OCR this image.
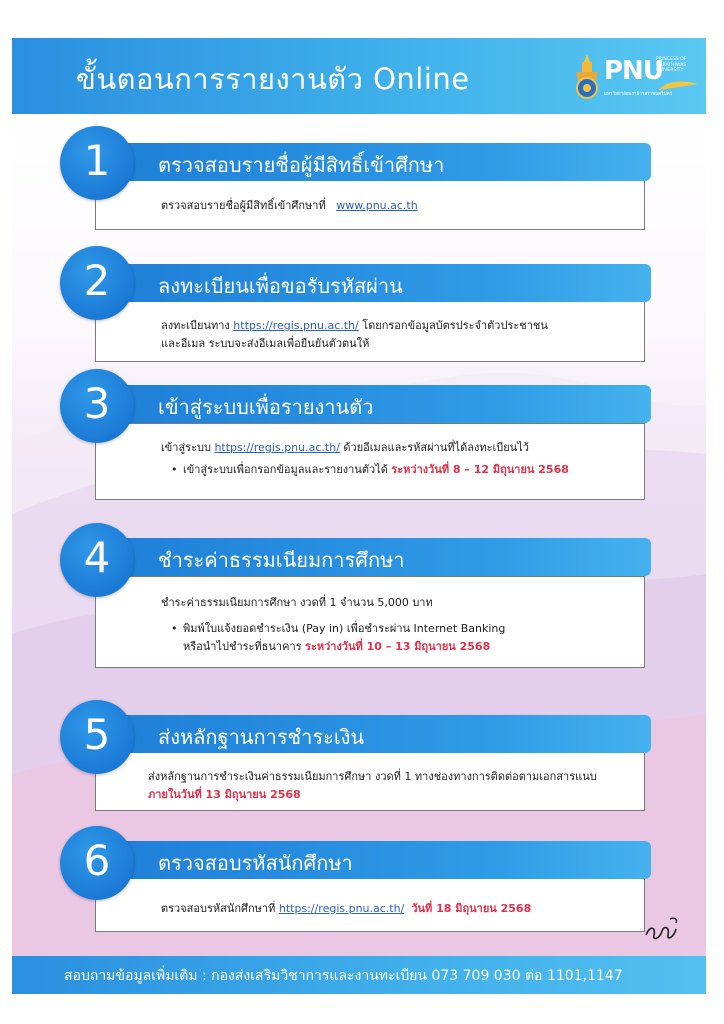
ขั้นตอนการรายงานตัว Online	PNU
PRINCESS OF
NARATHIWAS
UNIVERSITY
มหาวิทยาลัยนราธิวาสราชนครินทร์
ตรวจสอบรายชื่อผู้มีสิทธิ์เข้าศึกษาที่ www.pnu.ac.th
ตรวจสอบรายชื่อผู้มีสิทธิ์เข้าศึกษา
1
ลงทะเบียนทาง https://regis.pnu.ac.th/ โดยกรอกข้อมูลบัตรประจำตัวประชาชน
และอีเมล ระบบจะส่งอีเมลเพื่อยืนยันตัวตนให้
ลงทะเบียนเพื่อขอรับรหัสผ่าน
2
เข้าสู่ระบบ https://regis.pnu.ac.th/ ด้วยอีเมลและรหัสผ่านที่ได้ลงทะเบียนไว้
• เข้าสู่ระบบเพื่อกรอกข้อมูลและรายงานตัวได้ ระหว่างวันที่ 8 – 12 มิถุนายน 2568
เข้าสู่ระบบเพื่อรายงานตัว
3
ชำระค่าธรรมเนียมการศึกษา งวดที่ 1 จำนวน 5,000 บาท
• พิมพ์ใบแจ้งยอดชำระเงิน (Pay in) เพื่อชำระผ่าน Internet Banking
หรือนำไปชำระที่ธนาคาร ระหว่างวันที่ 10 – 13 มิถุนายน 2568
ชำระค่าธรรมเนียมการศึกษา
4
ส่งหลักฐานการชำระเงินค่าธรรมเนียมการศึกษา งวดที่ 1 ทางช่องทางการติดต่อตามเอกสารแนบ
ภายในวันที่ 13 มิถุนายน 2568
ส่งหลักฐานการชำระเงิน
5
ตรวจสอบรหัสนักศึกษาที่ https://regis.pnu.ac.th/ วันที่ 18 มิถุนายน 2568
ตรวจสอบรหัสนักศึกษา
6
สอบถามข้อมูลเพิ่มเติม : กองส่งเสริมวิชาการและงานทะเบียน 073 709 030 ต่อ 1101,1147
